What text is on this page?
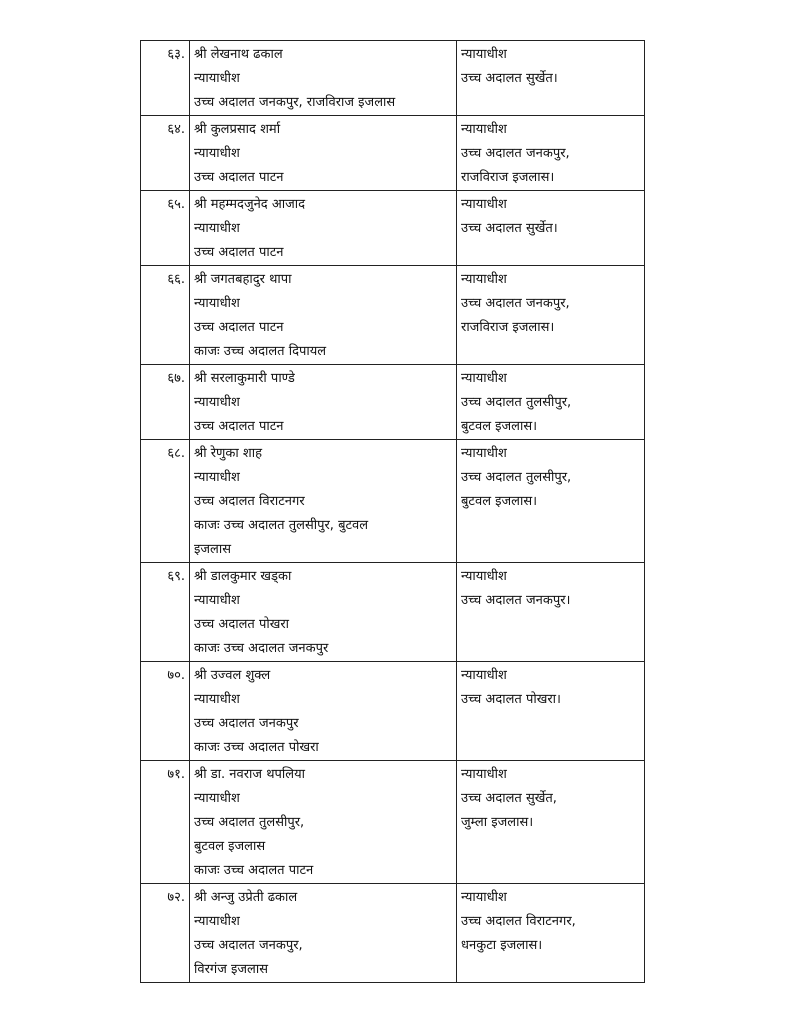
६३.	श्री लेखनाथ ढकाल
न्यायाधीश
उच्च अदालत जनकपुर, राजविराज इजलास	न्यायाधीश
उच्च अदालत सुर्खेत।

६४.	श्री कुलप्रसाद शर्मा
न्यायाधीश
उच्च अदालत पाटन	न्यायाधीश
उच्च अदालत जनकपुर,
राजविराज इजलास।

६५.	श्री महम्मदजुनेद आजाद
न्यायाधीश
उच्च अदालत पाटन	न्यायाधीश
उच्च अदालत सुर्खेत।

६६.	श्री जगतबहादुर थापा
न्यायाधीश
उच्च अदालत पाटन
काजः उच्च अदालत दिपायल	न्यायाधीश
उच्च अदालत जनकपुर,
राजविराज इजलास।

६७.	श्री सरलाकुमारी पाण्डे
न्यायाधीश
उच्च अदालत पाटन	न्यायाधीश
उच्च अदालत तुलसीपुर,
बुटवल इजलास।

६८.	श्री रेणुका शाह
न्यायाधीश
उच्च अदालत विराटनगर
काजः उच्च अदालत तुलसीपुर, बुटवल
इजलास	न्यायाधीश
उच्च अदालत तुलसीपुर,
बुटवल इजलास।

६९.	श्री डालकुमार खड्का
न्यायाधीश
उच्च अदालत पोखरा
काजः उच्च अदालत जनकपुर	न्यायाधीश
उच्च अदालत जनकपुर।

७०.	श्री उज्वल शुक्ल
न्यायाधीश
उच्च अदालत जनकपुर
काजः उच्च अदालत पोखरा	न्यायाधीश
उच्च अदालत पोखरा।

७१.	श्री डा. नवराज थपलिया
न्यायाधीश
उच्च अदालत तुलसीपुर,
बुटवल इजलास
काजः उच्च अदालत पाटन	न्यायाधीश
उच्च अदालत सुर्खेत,
जुम्ला इजलास।

७२.	श्री अन्जु उप्रेती ढकाल
न्यायाधीश
उच्च अदालत जनकपुर,
विरगंज इजलास	न्यायाधीश
उच्च अदालत विराटनगर,
धनकुटा इजलास।
